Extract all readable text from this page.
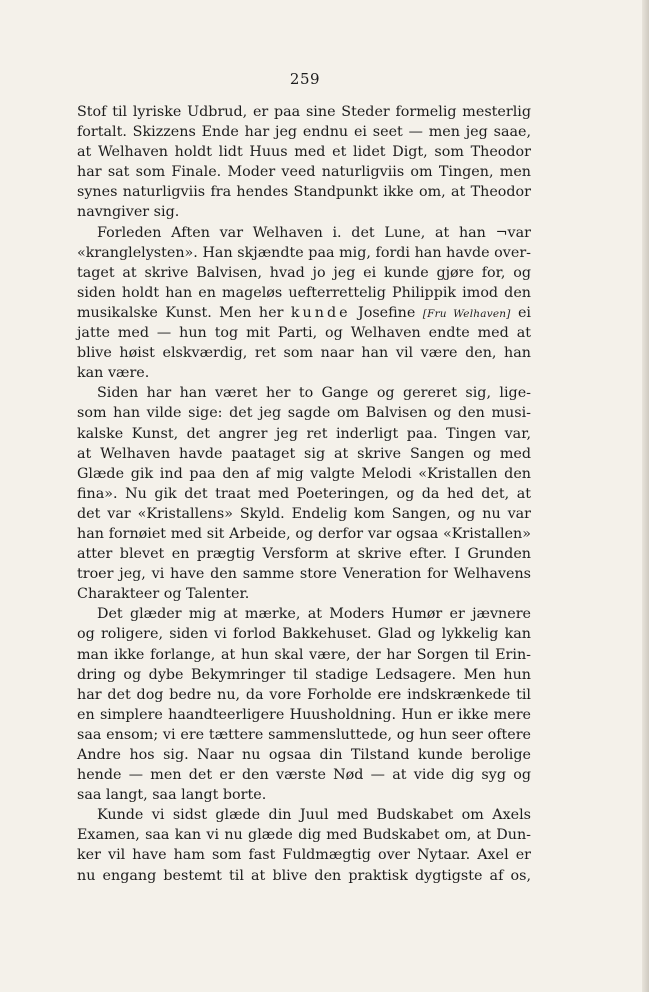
259
Stof til lyriske Udbrud, er paa sine Steder formelig mesterlig
fortalt. Skizzens Ende har jeg endnu ei seet — men jeg saae,
at Welhaven holdt lidt Huus med et lidet Digt, som Theodor
har sat som Finale. Moder veed naturligviis om Tingen, men
synes naturligviis fra hendes Standpunkt ikke om, at Theodor
navngiver sig.
Forleden Aften var Welhaven i. det Lune, at han ¬var
«kranglelysten». Han skjændte paa mig, fordi han havde over-
taget at skrive Balvisen, hvad jo jeg ei kunde gjøre for, og
siden holdt han en mageløs uefterrettelig Philippik imod den
musikalske Kunst. Men her kunde Josefine [Fru Welhaven] ei
jatte med — hun tog mit Parti, og Welhaven endte med at
blive høist elskværdig, ret som naar han vil være den, han
kan være.
Siden har han været her to Gange og gereret sig, lige-
som han vilde sige: det jeg sagde om Balvisen og den musi-
kalske Kunst, det angrer jeg ret inderligt paa. Tingen var,
at Welhaven havde paataget sig at skrive Sangen og med
Glæde gik ind paa den af mig valgte Melodi «Kristallen den
fina». Nu gik det traat med Poeteringen, og da hed det, at
det var «Kristallens» Skyld. Endelig kom Sangen, og nu var
han fornøiet med sit Arbeide, og derfor var ogsaa «Kristallen»
atter blevet en prægtig Versform at skrive efter. I Grunden
troer jeg, vi have den samme store Veneration for Welhavens
Charakteer og Talenter.
Det glæder mig at mærke, at Moders Humør er jævnere
og roligere, siden vi forlod Bakkehuset. Glad og lykkelig kan
man ikke forlange, at hun skal være, der har Sorgen til Erin-
dring og dybe Bekymringer til stadige Ledsagere. Men hun
har det dog bedre nu, da vore Forholde ere indskrænkede til
en simplere haandteerligere Huusholdning. Hun er ikke mere
saa ensom; vi ere tættere sammensluttede, og hun seer oftere
Andre hos sig. Naar nu ogsaa din Tilstand kunde berolige
hende — men det er den værste Nød — at vide dig syg og
saa langt, saa langt borte.
Kunde vi sidst glæde din Juul med Budskabet om Axels
Examen, saa kan vi nu glæde dig med Budskabet om, at Dun-
ker vil have ham som fast Fuldmægtig over Nytaar. Axel er
nu engang bestemt til at blive den praktisk dygtigste af os,
